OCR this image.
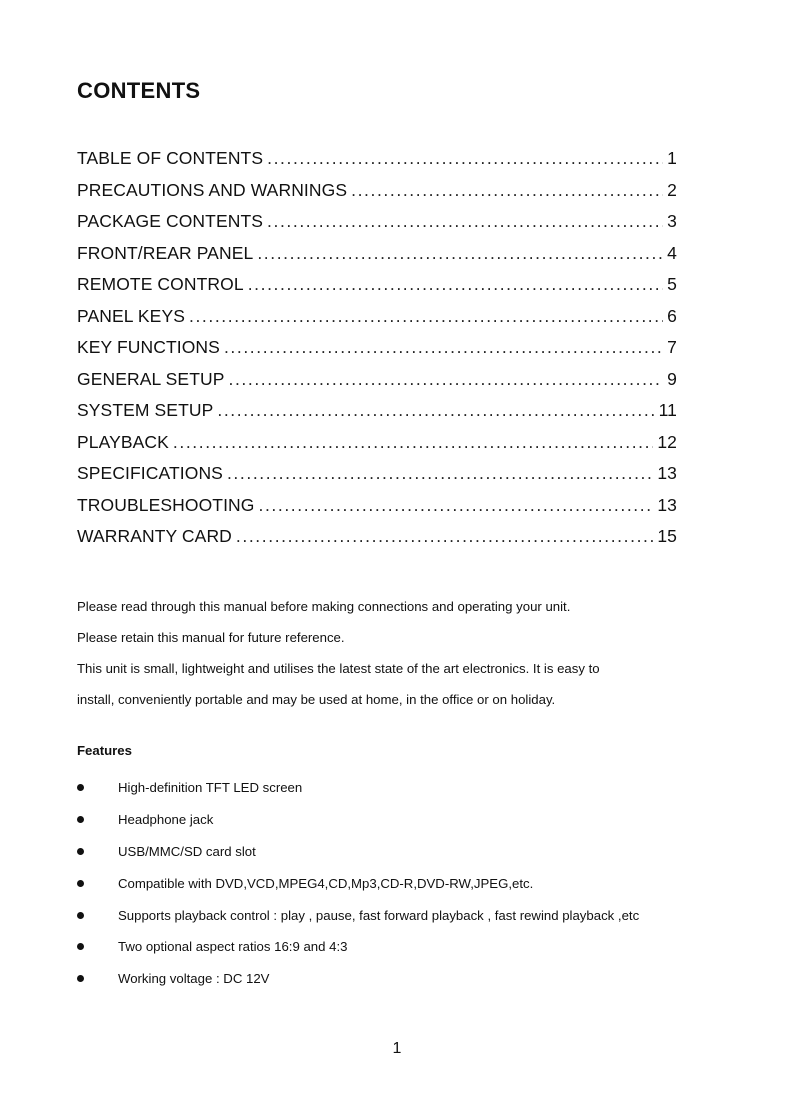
CONTENTS
TABLE OF CONTENTS .....	1
PRECAUTIONS AND WARNINGS .....	2
PACKAGE CONTENTS .....	3
FRONT/REAR PANEL .....	4
REMOTE CONTROL .....	5
PANEL KEYS .....	6
KEY FUNCTIONS .....	7
GENERAL SETUP .....	9
SYSTEM SETUP .....	11
PLAYBACK .....	12
SPECIFICATIONS .....	13
TROUBLESHOOTING .....	13
WARRANTY CARD .....	15

Please read through this manual before making connections and operating your unit.

Please retain this manual for future reference.

This unit is small, lightweight and utilises the latest state of the art electronics. It is easy to

install, conveniently portable and may be used at home, in the office or on holiday.

Features
High-definition TFT LED screen
Headphone jack
USB/MMC/SD card slot
Compatible with DVD,VCD,MPEG4,CD,Mp3,CD-R,DVD-RW,JPEG,etc.
Supports playback control : play , pause, fast forward playback , fast rewind playback ,etc
Two optional aspect ratios 16:9 and 4:3
Working voltage : DC 12V
1
